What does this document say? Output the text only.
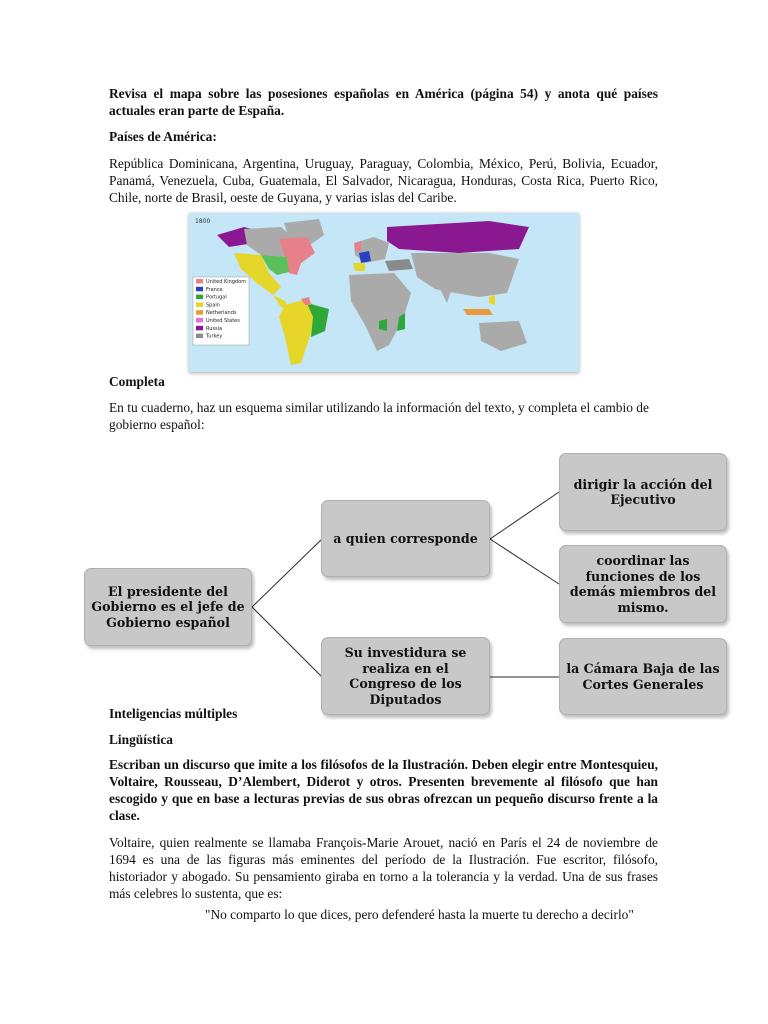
Revisa el mapa sobre las posesiones españolas en América (página 54) y anota qué países actuales eran parte de España.

Países de América:

República Dominicana, Argentina, Uruguay, Paraguay, Colombia, México, Perú, Bolivia, Ecuador, Panamá, Venezuela, Cuba, Guatemala, El Salvador, Nicaragua, Honduras, Costa Rica, Puerto Rico, Chile, norte de Brasil, oeste de Guyana, y varias islas del Caribe.

1800
United Kingdom
France
Portugal
Spain
Netherlands
United States
Russia
Turkey

Completa

En tu cuaderno, haz un esquema similar utilizando la información del texto, y completa el cambio de gobierno español:

El presidente del Gobierno es el jefe de Gobierno español
a quien corresponde
Su investidura se realiza en el Congreso de los Diputados
dirigir la acción del Ejecutivo
coordinar las funciones de los demás miembros del mismo.
la Cámara Baja de las Cortes Generales

Inteligencias múltiples

Lingüística

Escriban un discurso que imite a los filósofos de la Ilustración. Deben elegir entre Montesquieu, Voltaire, Rousseau, D’Alembert, Diderot y otros. Presenten brevemente al filósofo que han escogido y que en base a lecturas previas de sus obras ofrezcan un pequeño discurso frente a la clase.

Voltaire, quien realmente se llamaba François-Marie Arouet, nació en París el 24 de noviembre de 1694 es una de las figuras más eminentes del período de la Ilustración. Fue escritor, filósofo, historiador y abogado. Su pensamiento giraba en torno a la tolerancia y la verdad. Una de sus frases más celebres lo sustenta, que es:

"No comparto lo que dices, pero defenderé hasta la muerte tu derecho a decirlo"
